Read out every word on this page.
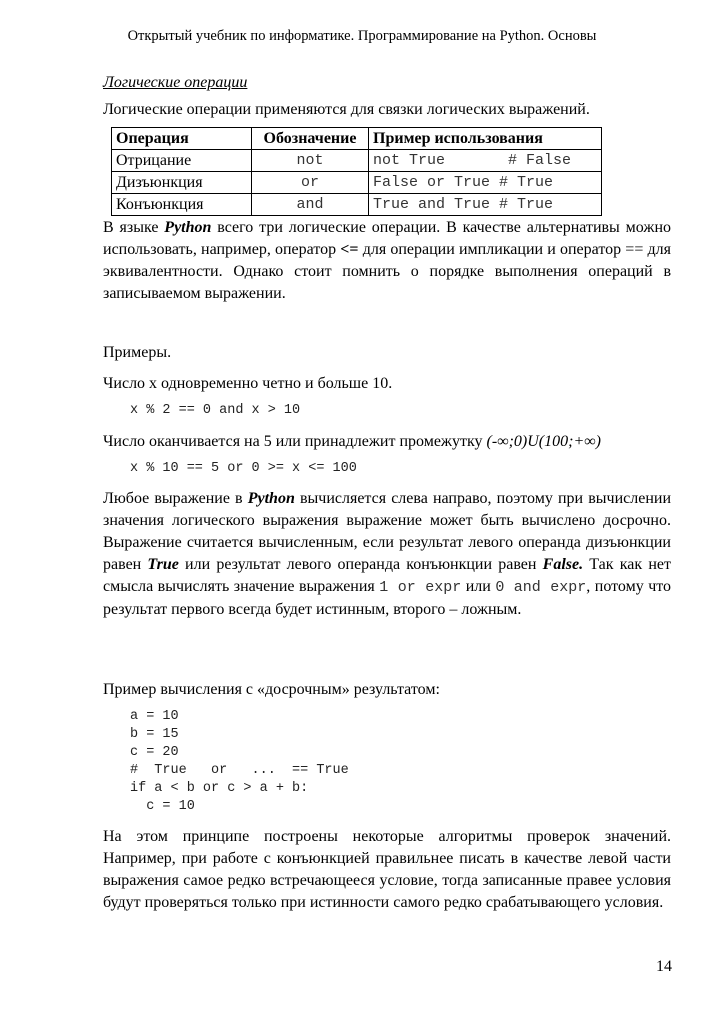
Открытый учебник по информатике. Программирование на Python. Основы
Логические операции
Логические операции применяются для связки логических выражений.
Операция	Обозначение	Пример использования
Отрицание	not	not True       # False
Дизъюнкция	or	False or True # True
Конъюнкция	and	True and True # True
В языке Python всего три логические операции. В качестве альтернативы можно использовать, например, оператор <= для операции импликации и оператор == для эквивалентности. Однако стоит помнить о порядке выполнения операций в записываемом выражении.
Примеры.
Число x одновременно четно и больше 10.
x % 2 == 0 and x > 10
Число оканчивается на 5 или принадлежит промежутку (-∞;0)U(100;+∞)
x % 10 == 5 or 0 >= x <= 100
Любое выражение в Python вычисляется слева направо, поэтому при вычислении значения логического выражения выражение может быть вычислено досрочно. Выражение считается вычисленным, если результат левого операнда дизъюнкции равен True или результат левого операнда конъюнкции равен False. Так как нет смысла вычислять значение выражения 1 or expr или 0 and expr, потому что результат первого всегда будет истинным, второго – ложным.
Пример вычисления с «досрочным» результатом:
a = 10
b = 15
c = 20
#  True   or   ...  == True
if a < b or c > a + b:
c = 10
На этом принципе построены некоторые алгоритмы проверок значений. Например, при работе с конъюнкцией правильнее писать в качестве левой части выражения самое редко встречающееся условие, тогда записанные правее условия будут проверяться только при истинности самого редко срабатывающего условия.
14
